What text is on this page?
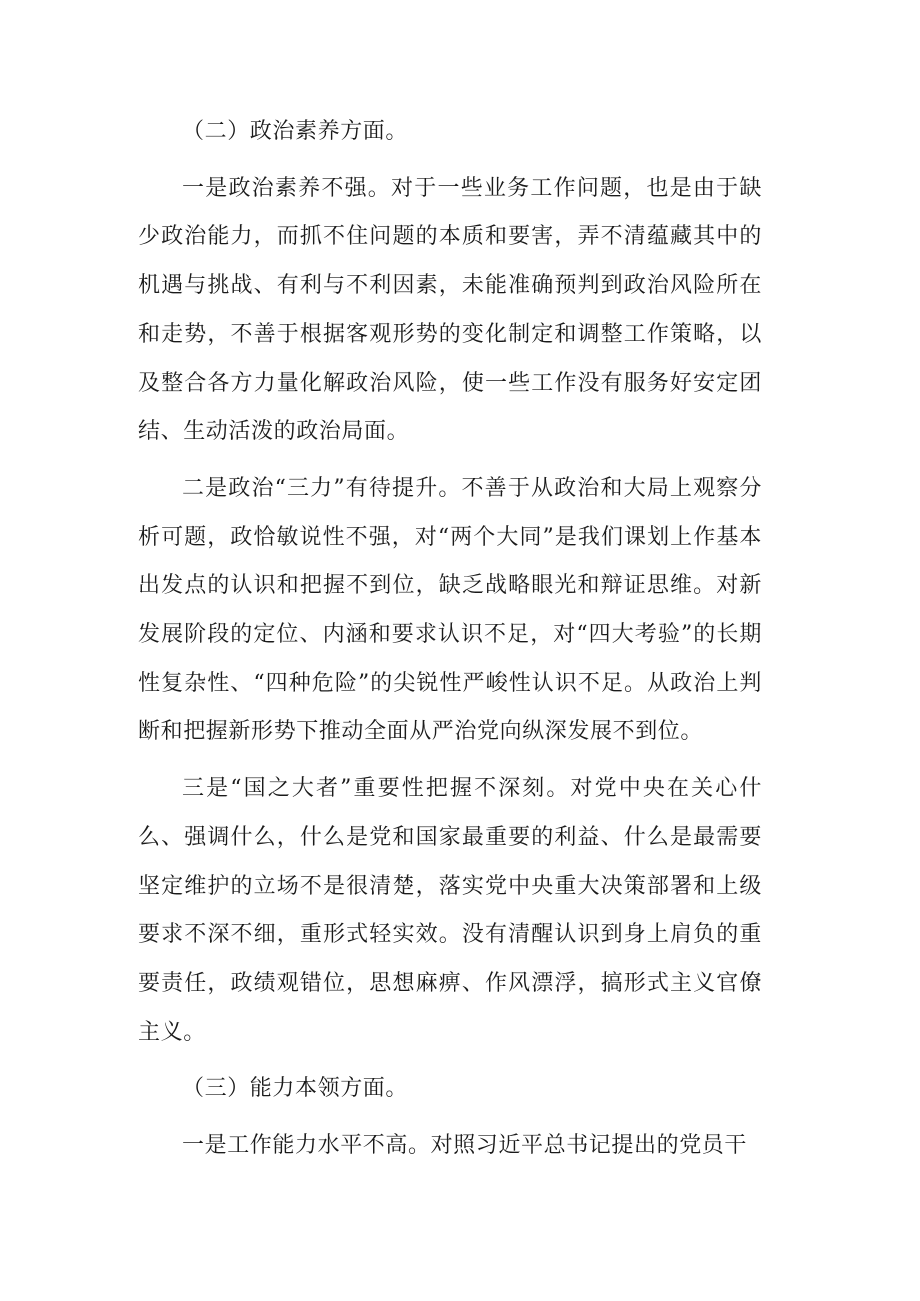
（二）政治素养方面。

一是政治素养不强。对于一些业务工作问题，也是由于缺少政治能力，而抓不住问题的本质和要害，弄不清蕴藏其中的机遇与挑战、有利与不利因素，未能准确预判到政治风险所在和走势，不善于根据客观形势的变化制定和调整工作策略，以及整合各方力量化解政治风险，使一些工作没有服务好安定团结、生动活泼的政治局面。

二是政治“三力”有待提升。不善于从政治和大局上观察分析可题，政恰敏说性不强，对“两个大同”是我们课划上作基本出发点的认识和把握不到位，缺乏战略眼光和辩证思维。对新发展阶段的定位、内涵和要求认识不足，对“四大考验”的长期性复杂性、“四种危险”的尖锐性严峻性认识不足。从政治上判断和把握新形势下推动全面从严治党向纵深发展不到位。

三是“国之大者”重要性把握不深刻。对党中央在关心什么、强调什么，什么是党和国家最重要的利益、什么是最需要坚定维护的立场不是很清楚，落实党中央重大决策部署和上级要求不深不细，重形式轻实效。没有清醒认识到身上肩负的重要责任，政绩观错位，思想麻痹、作风漂浮，搞形式主义官僚主义。

（三）能力本领方面。

一是工作能力水平不高。对照习近平总书记提出的党员干
